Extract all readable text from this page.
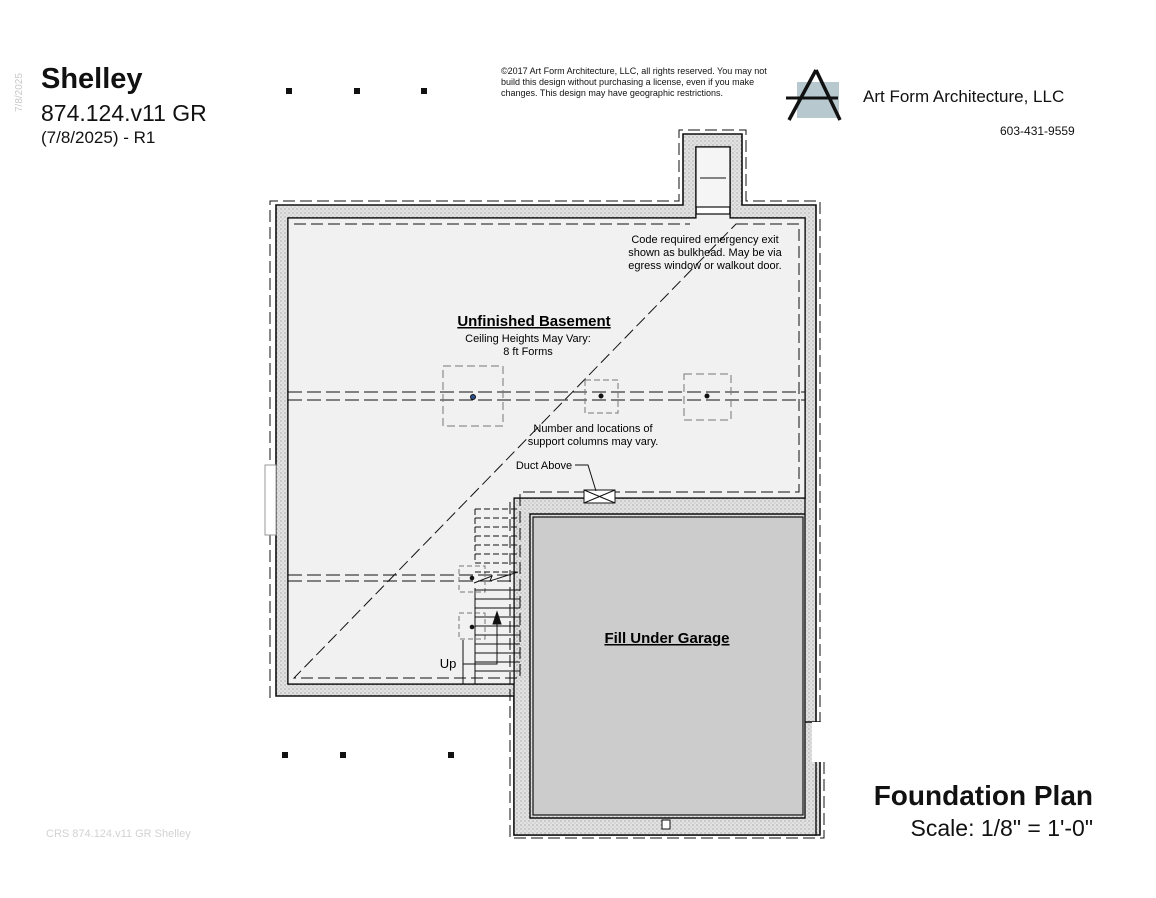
7/8/2025 Shelley
874.124.v11 GR
(7/8/2025) - R1
©2017 Art Form Architecture, LLC, all rights reserved. You may not
build this design without purchasing a license, even if you make
changes. This design may have geographic restrictions.	Art Form Architecture, LLC
603-431-9559
CRS 874.124.v11 GR Shelley
Foundation Plan
Scale: 1/8" = 1'-0"
Unfinished Basement
Ceiling Heights May Vary:
8 ft Forms
Code required emergency exit
shown as bulkhead. May be via
egress window or walkout door.
Number and locations of
support columns may vary.
Duct Above
Up
Fill Under Garage
